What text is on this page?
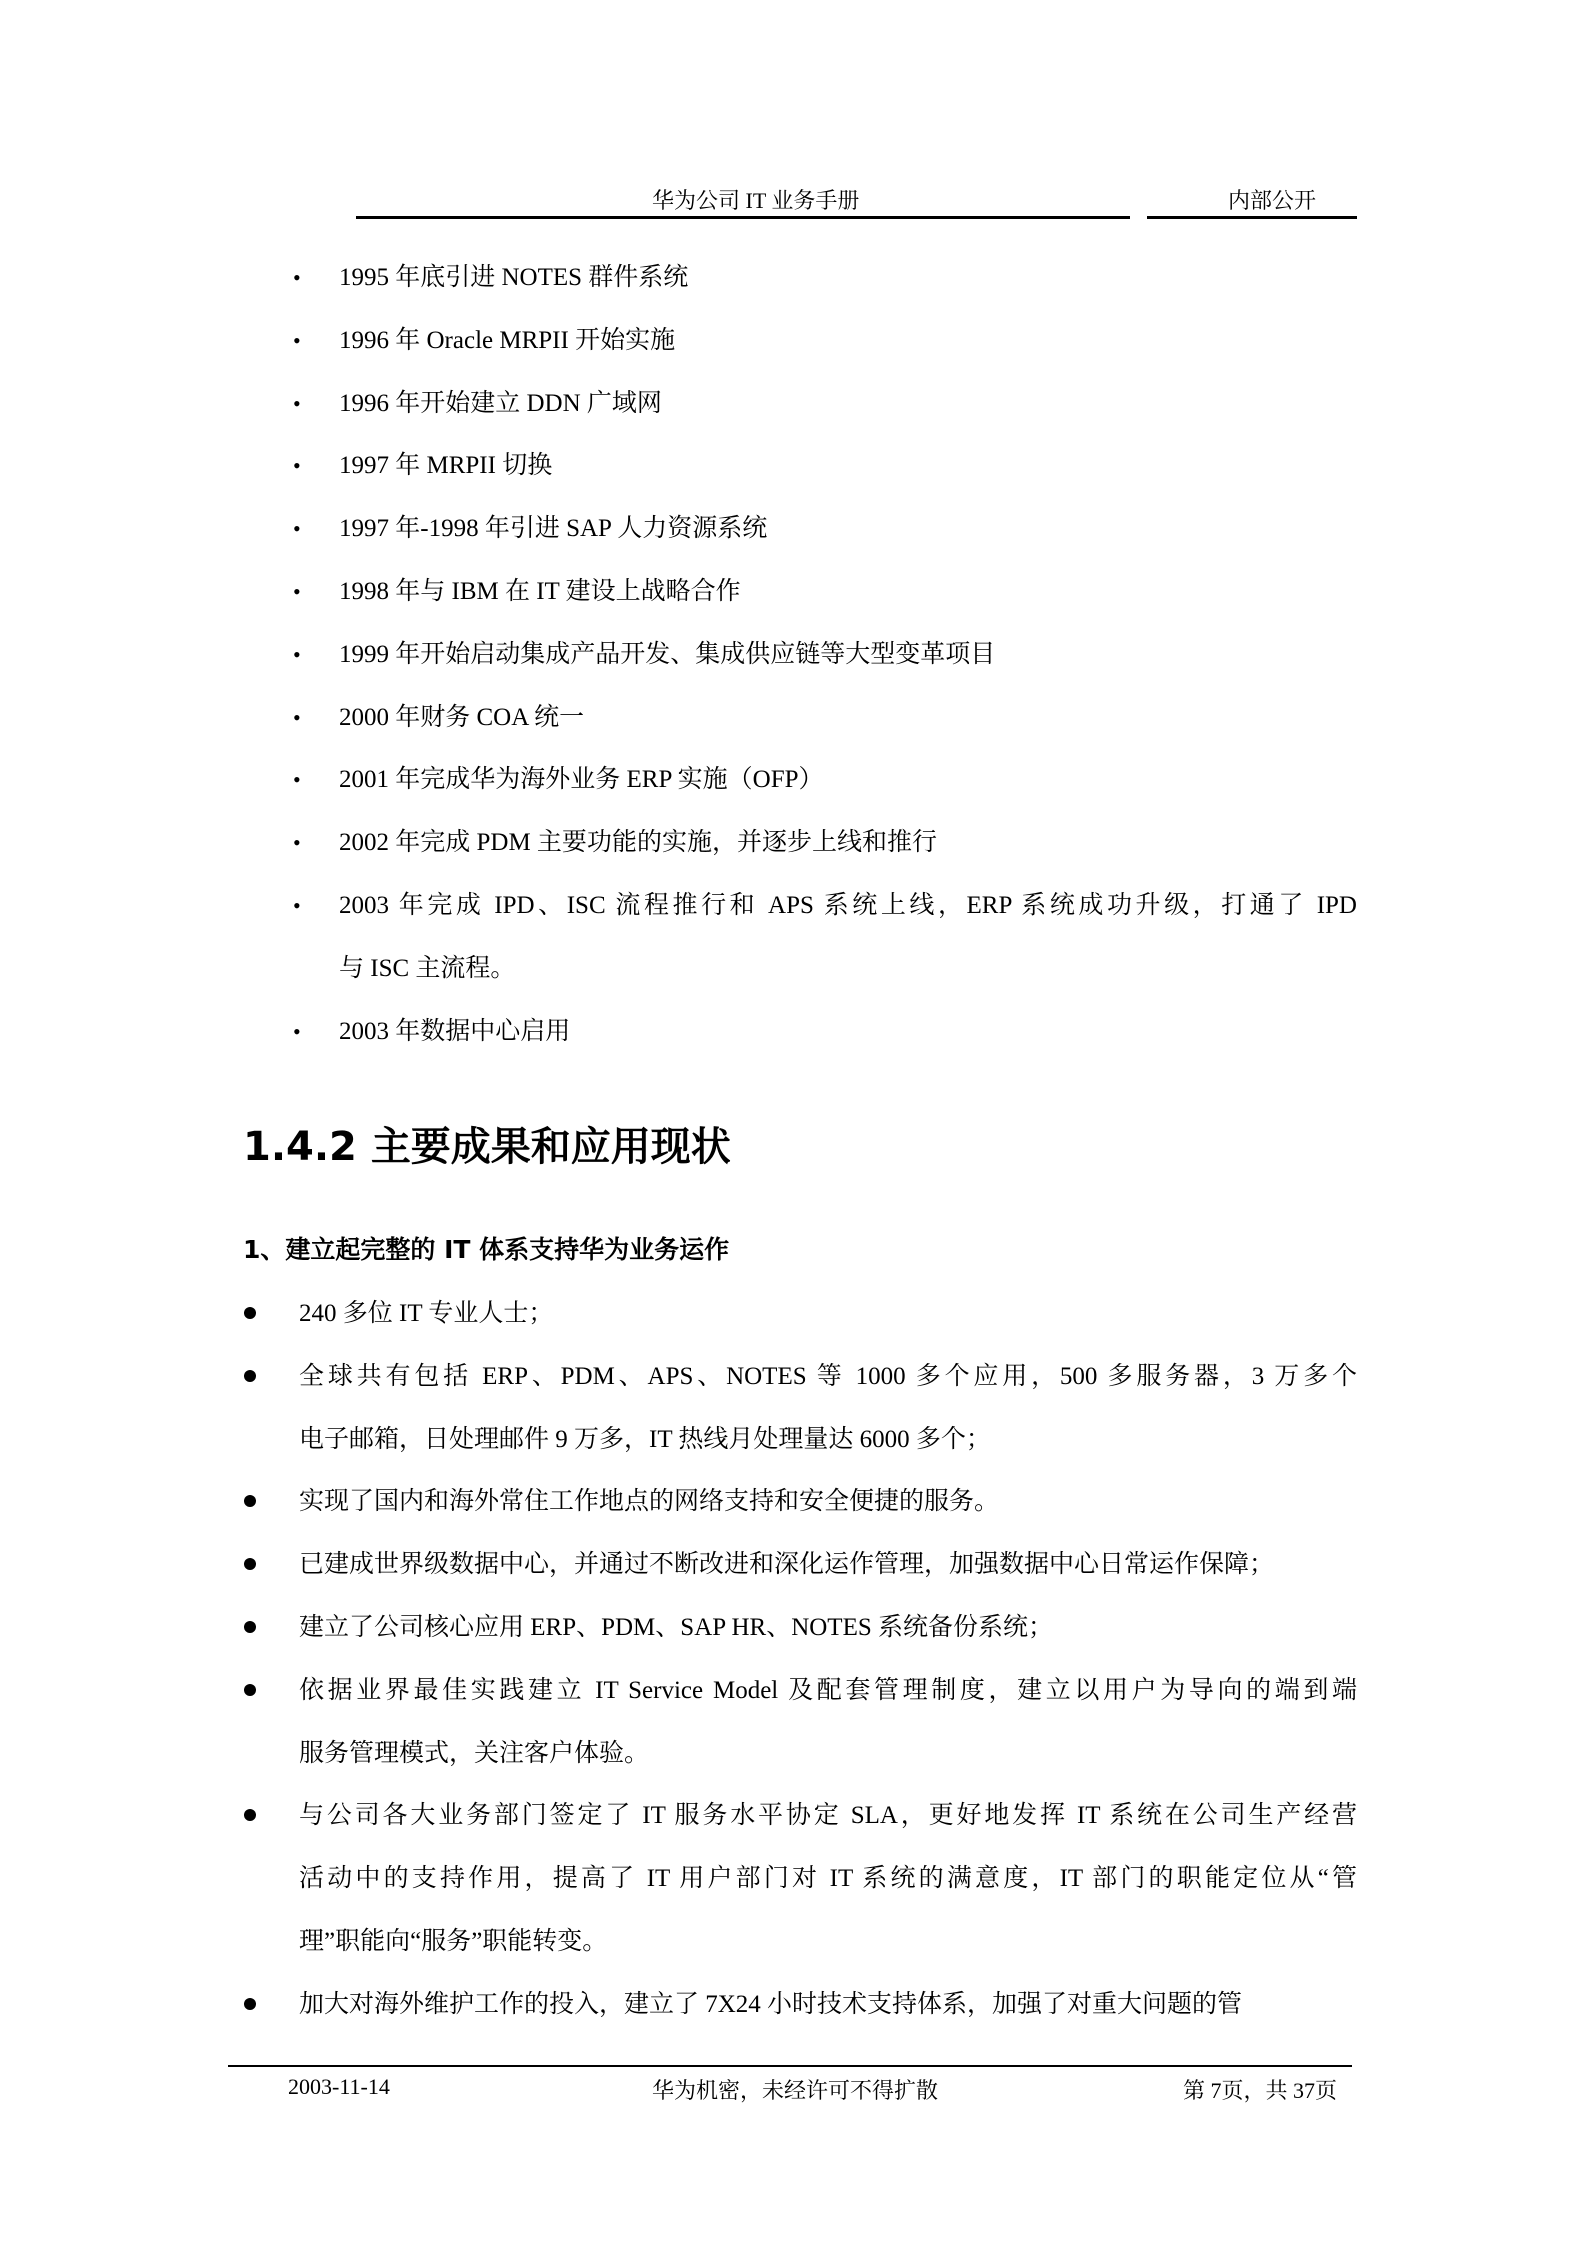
华为公司 IT 业务手册	内部公开
• 1995 年底引进 NOTES 群件系统
• 1996 年 Oracle MRPII 开始实施
• 1996 年开始建立 DDN 广域网
• 1997 年 MRPII 切换
• 1997 年-1998 年引进 SAP 人力资源系统
• 1998 年与 IBM 在 IT 建设上战略合作
• 1999 年开始启动集成产品开发、集成供应链等大型变革项目
• 2000 年财务 COA 统一
• 2001 年完成华为海外业务 ERP 实施（OFP）
• 2002 年完成 PDM 主要功能的实施，并逐步上线和推行
• 2003 年完成 IPD、ISC 流程推行和 APS 系统上线，ERP 系统成功升级，打通了 IPD
与 ISC 主流程。
• 2003 年数据中心启用
1.4.2 主要成果和应用现状
1、建立起完整的 IT 体系支持华为业务运作
240 多位 IT 专业人士；
全球共有包括 ERP、PDM、APS、NOTES 等 1000 多个应用，500 多服务器，3 万多个
电子邮箱，日处理邮件 9 万多，IT 热线月处理量达 6000 多个；
实现了国内和海外常住工作地点的网络支持和安全便捷的服务。
已建成世界级数据中心，并通过不断改进和深化运作管理，加强数据中心日常运作保障；
建立了公司核心应用 ERP、PDM、SAP HR、NOTES 系统备份系统；
依据业界最佳实践建立 IT Service Model 及配套管理制度，建立以用户为导向的端到端
服务管理模式，关注客户体验。
与公司各大业务部门签定了 IT 服务水平协定 SLA，更好地发挥 IT 系统在公司生产经营
活动中的支持作用，提高了 IT 用户部门对 IT 系统的满意度，IT 部门的职能定位从“管
理”职能向“服务”职能转变。
加大对海外维护工作的投入，建立了 7X24 小时技术支持体系，加强了对重大问题的管
2003-11-14	华为机密，未经许可不得扩散	第 7页，共 37页
